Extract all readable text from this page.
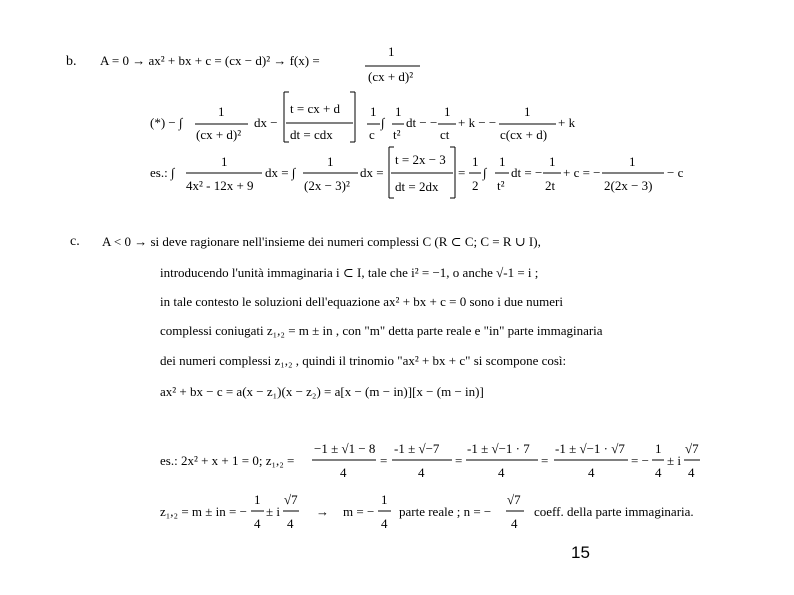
b. A = 0 → ax² + bx + c = (cx − d)² → f(x) =
1
(cx + d)²
(*) − ∫
1
(cx + d)²
dx −
t = cx + d
dt = cdx
1
c
∫
1
t²
dt − −
1
ct
+ k − −
1
c(cx + d)
+ k
es.: ∫
1
4x² - 12x + 9
dx = ∫
1
(2x − 3)²
dx =
t = 2x − 3
dt = 2dx
=
1
2
∫
1
t²
dt = −
1
2t
+ c = −
1
2(2x − 3)
− c
c. A < 0 → si deve ragionare nell'insieme dei numeri complessi C (R ⊂ C; C = R ∪ I),
introducendo l'unità immaginaria i ⊂ I, tale che i² = −1, o anche √-1 = i ;
in tale contesto le soluzioni dell'equazione ax² + bx + c = 0 sono i due numeri
complessi coniugati z₁,₂ = m ± in , con "m" detta parte reale e "in" parte immaginaria
dei numeri complessi z₁,₂ , quindi il trinomio "ax² + bx + c" si scompone così:
ax² + bx − c = a(x − z₁)(x − z₂) = a[x − (m − in)][x − (m − in)]
es.: 2x² + x + 1 = 0; z₁,₂ =
−1 ± √1 − 8
4
=
-1 ± √−7
4
=
-1 ± √−1 · 7
4
=
-1 ± √−1 · √7
4
= −
1
4
± i
√7
4
z₁,₂ = m ± in = −
1
4
± i
√7
4
→ m = −
1
4
parte reale ; n = −
√7
4
coeff. della parte immaginaria.
15
